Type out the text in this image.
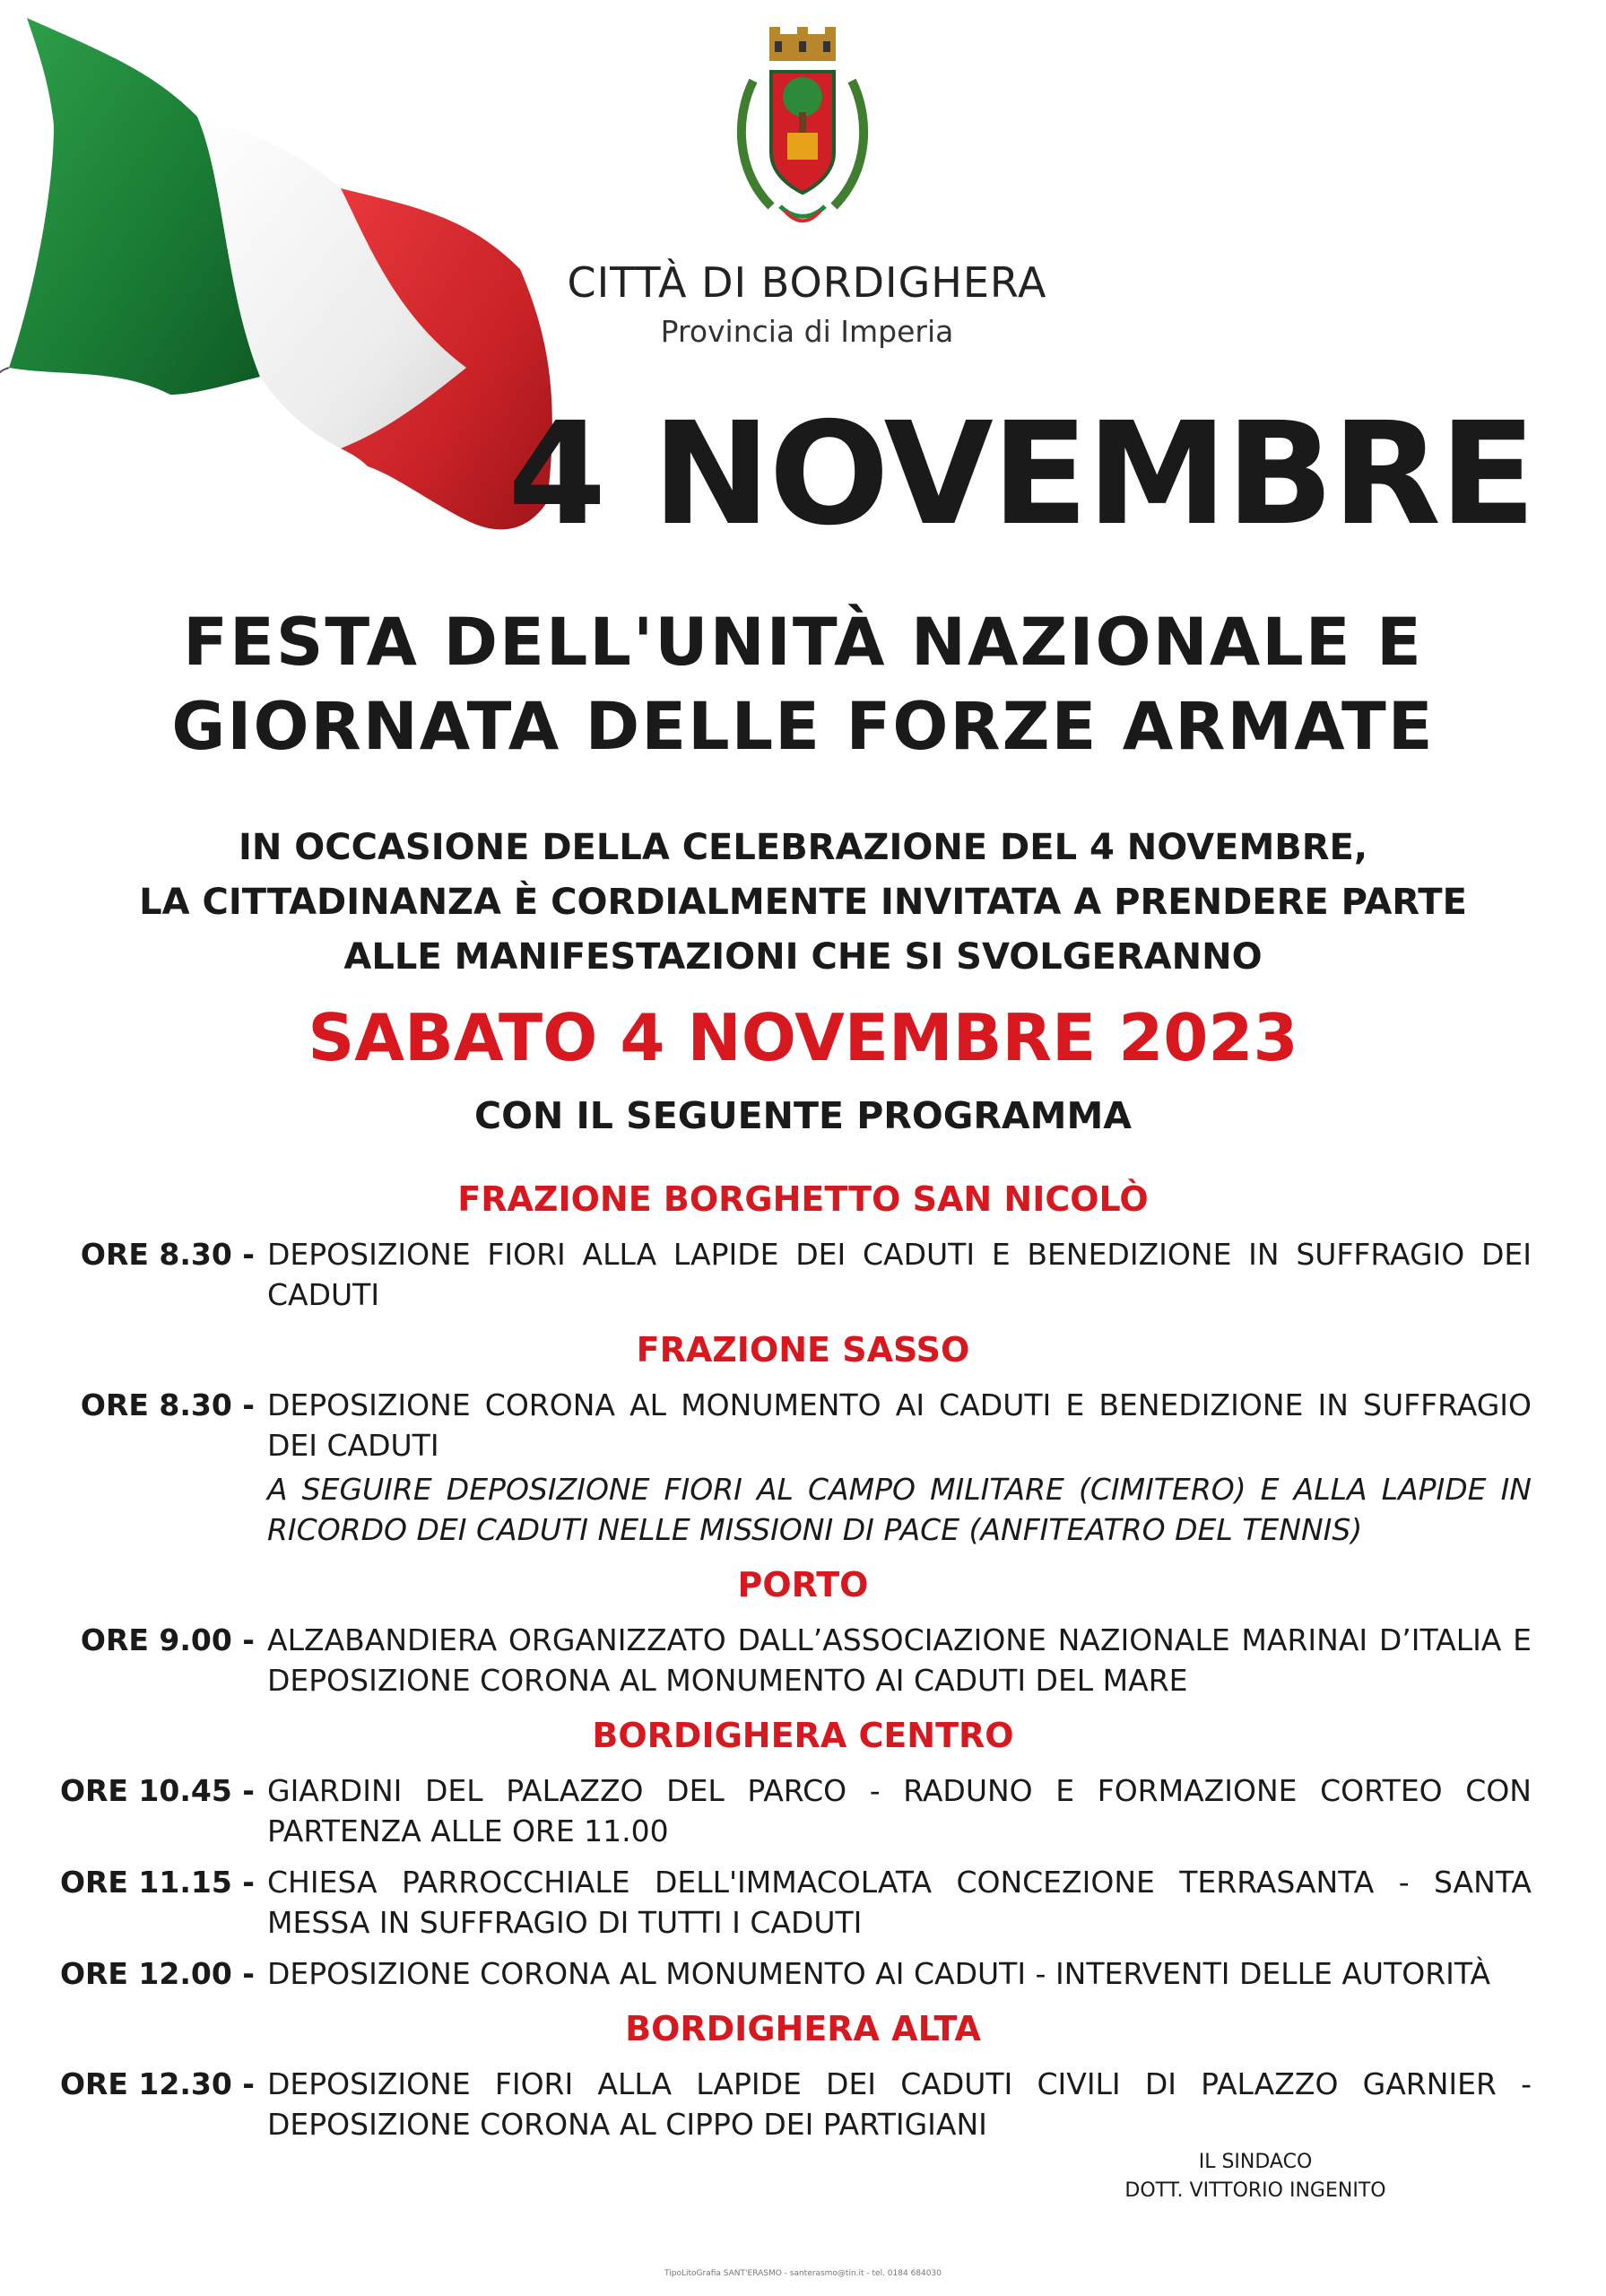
CITTÀ DI BORDIGHERA
Provincia di Imperia
4 NOVEMBRE
FESTA DELL'UNITÀ NAZIONALE E
GIORNATA DELLE FORZE ARMATE
IN OCCASIONE DELLA CELEBRAZIONE DEL 4 NOVEMBRE,
LA CITTADINANZA È CORDIALMENTE INVITATA A PRENDERE PARTE
ALLE MANIFESTAZIONI CHE SI SVOLGERANNO
SABATO 4 NOVEMBRE 2023
CON IL SEGUENTE PROGRAMMA
FRAZIONE BORGHETTO SAN NICOLÒ
ORE 8.30 - DEPOSIZIONE FIORI ALLA LAPIDE DEI CADUTI E BENEDIZIONE IN SUFFRAGIO DEI CADUTI
FRAZIONE SASSO
ORE 8.30 - DEPOSIZIONE CORONA AL MONUMENTO AI CADUTI E BENEDIZIONE IN SUFFRAGIO DEI CADUTI
A SEGUIRE DEPOSIZIONE FIORI AL CAMPO MILITARE (CIMITERO) E ALLA LAPIDE IN RICORDO DEI CADUTI NELLE MISSIONI DI PACE (ANFITEATRO DEL TENNIS)
PORTO
ORE 9.00 - ALZABANDIERA ORGANIZZATO DALL’ASSOCIAZIONE NAZIONALE MARINAI D’ITALIA E DEPOSIZIONE CORONA AL MONUMENTO AI CADUTI DEL MARE
BORDIGHERA CENTRO
ORE 10.45 - GIARDINI DEL PALAZZO DEL PARCO - RADUNO E FORMAZIONE CORTEO CON PARTENZA ALLE ORE 11.00
ORE 11.15 - CHIESA PARROCCHIALE DELL'IMMACOLATA CONCEZIONE TERRASANTA - SANTA MESSA IN SUFFRAGIO DI TUTTI I CADUTI
ORE 12.00 - DEPOSIZIONE CORONA AL MONUMENTO AI CADUTI - INTERVENTI DELLE AUTORITÀ
BORDIGHERA ALTA
ORE 12.30 - DEPOSIZIONE FIORI ALLA LAPIDE DEI CADUTI CIVILI DI PALAZZO GARNIER - DEPOSIZIONE CORONA AL CIPPO DEI PARTIGIANI
IL SINDACO
DOTT. VITTORIO INGENITO
TipoLitoGrafia SANT'ERASMO - santerasmo@tin.it - tel. 0184 684030
